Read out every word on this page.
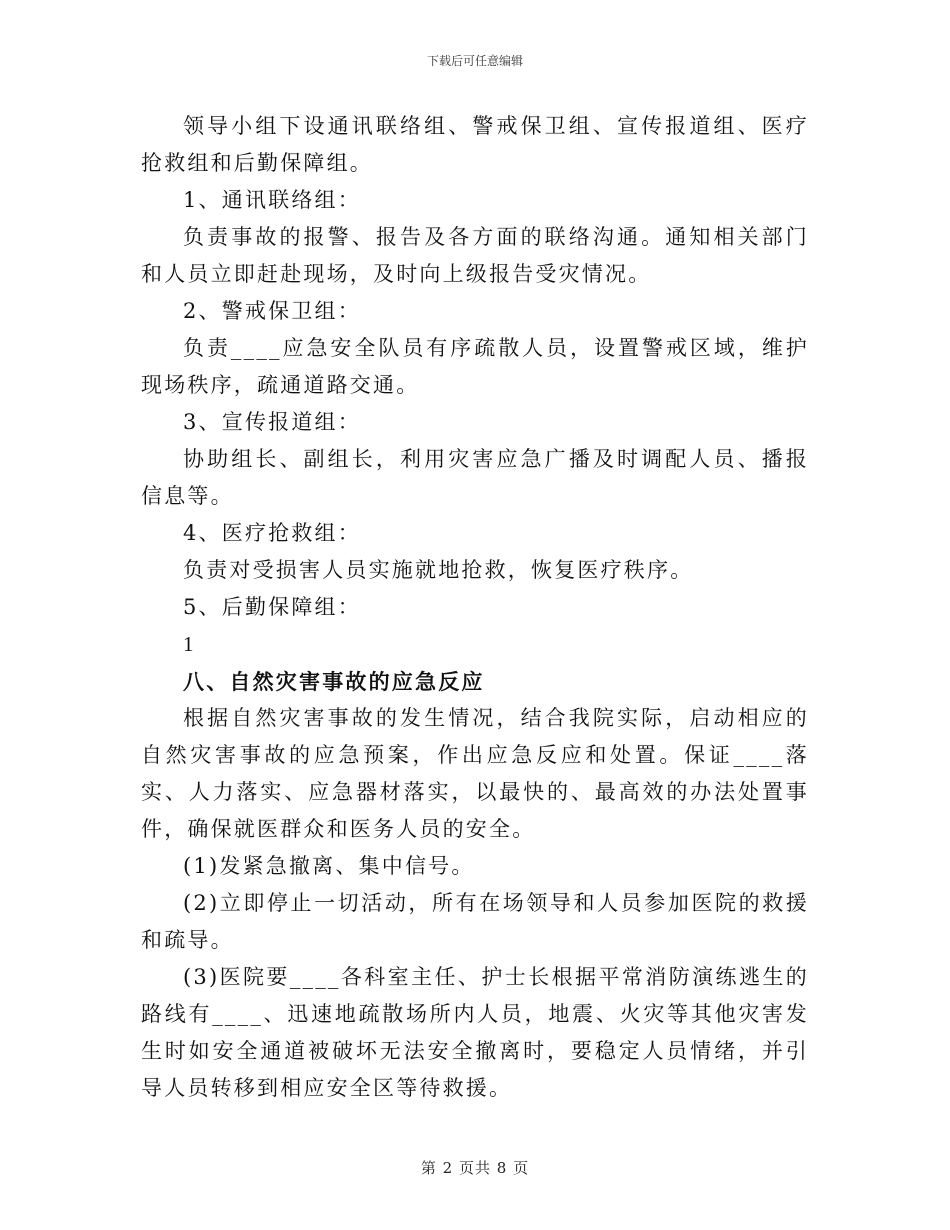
下载后可任意编辑

领导小组下设通讯联络组、警戒保卫组、宣传报道组、医疗抢救组和后勤保障组。

1、通讯联络组：

负责事故的报警、报告及各方面的联络沟通。通知相关部门和人员立即赶赴现场，及时向上级报告受灾情况。

2、警戒保卫组：

负责____应急安全队员有序疏散人员，设置警戒区域，维护现场秩序，疏通道路交通。

3、宣传报道组：

协助组长、副组长，利用灾害应急广播及时调配人员、播报信息等。

4、医疗抢救组：

负责对受损害人员实施就地抢救，恢复医疗秩序。

5、后勤保障组：

1

八、自然灾害事故的应急反应

根据自然灾害事故的发生情况，结合我院实际，启动相应的自然灾害事故的应急预案，作出应急反应和处置。保证____落实、人力落实、应急器材落实，以最快的、最高效的办法处置事件，确保就医群众和医务人员的安全。

(1)发紧急撤离、集中信号。

(2)立即停止一切活动，所有在场领导和人员参加医院的救援和疏导。

(3)医院要____各科室主任、护士长根据平常消防演练逃生的路线有____、迅速地疏散场所内人员，地震、火灾等其他灾害发生时如安全通道被破坏无法安全撤离时，要稳定人员情绪，并引导人员转移到相应安全区等待救援。

第 2 页共 8 页
